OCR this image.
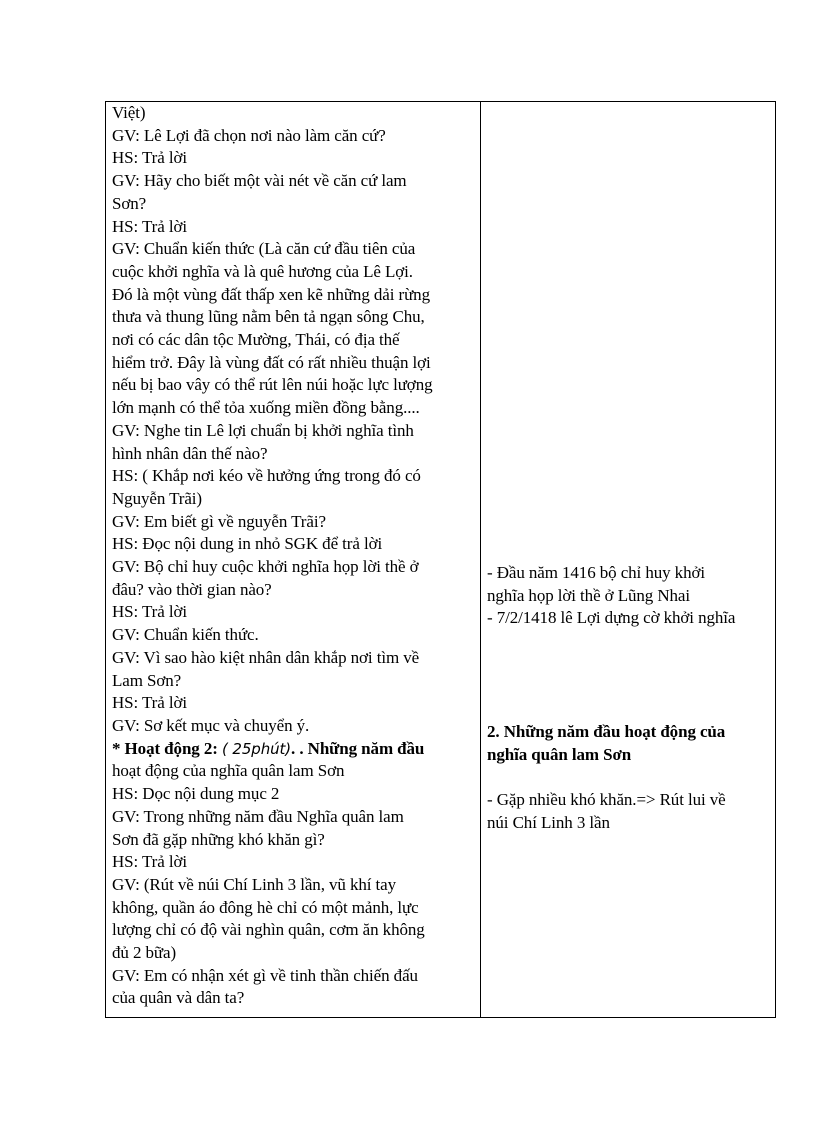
Việt)
GV: Lê Lợi đã chọn nơi nào làm căn cứ?
HS: Trả lời
GV: Hãy cho biết một vài nét về căn cứ lam
Sơn?
HS: Trả lời
GV: Chuẩn kiến thức (Là căn cứ đầu tiên của
cuộc khởi nghĩa và là quê hương của Lê Lợi.
Đó là một vùng đất thấp xen kẽ những dải rừng
thưa và thung lũng nằm bên tả ngạn sông Chu,
nơi có các dân tộc Mường, Thái, có địa thế
hiểm trở. Đây là vùng đất có rất nhiều thuận lợi
nếu bị bao vây có thể rút lên núi hoặc lực lượng
lớn mạnh có thể tỏa xuống miền đồng bằng....
GV: Nghe tin Lê lợi chuẩn bị khởi nghĩa tình
hình nhân dân thế nào?
HS: ( Khắp nơi kéo về hưởng ứng trong đó có
Nguyễn Trãi)
GV: Em biết gì về nguyễn Trãi?
HS: Đọc nội dung in nhỏ SGK để trả lời
GV: Bộ chỉ huy cuộc khởi nghĩa họp lời thề ở
đâu? vào thời gian nào?
HS: Trả lời
GV: Chuẩn kiến thức.
GV: Vì sao hào kiệt nhân dân khắp nơi tìm về
Lam Sơn?
HS: Trả lời
GV: Sơ kết mục và chuyển ý.
* Hoạt động 2: ( 25phút). . Những năm đầu
hoạt động của nghĩa quân lam Sơn
HS: Dọc nội dung mục 2
GV: Trong những năm đầu Nghĩa quân lam
Sơn đã gặp những khó khăn gì?
HS: Trả lời
GV: (Rút về núi Chí Linh 3 lần, vũ khí tay
không, quần áo đông hè chỉ có một mảnh, lực
lượng chỉ có độ vài nghìn quân, cơm ăn không
đủ 2 bữa)
GV: Em có nhận xét gì về tinh thần chiến đấu
của quân và dân ta?
- Đầu năm 1416 bộ chỉ huy khởi
nghĩa họp lời thề ở Lũng Nhai
- 7/2/1418 lê Lợi dựng cờ khởi nghĩa
2. Những năm đầu hoạt động của
nghĩa quân lam Sơn
- Gặp nhiều khó khăn.=> Rút lui về
núi Chí Linh 3 lần
